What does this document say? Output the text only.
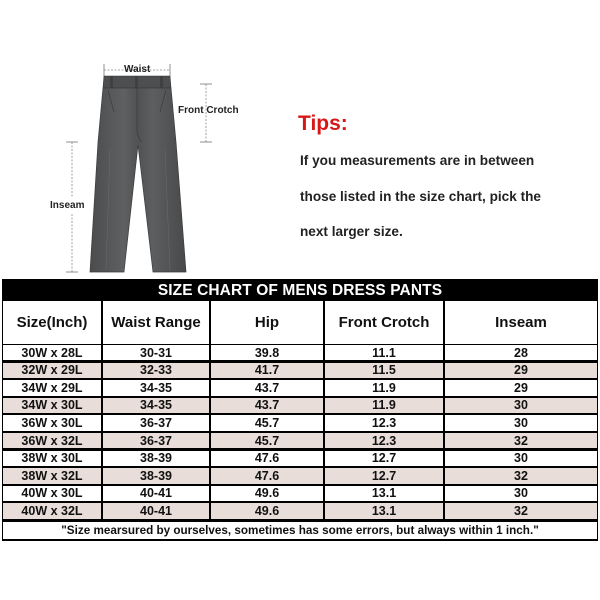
Waist
Front Crotch
Inseam
Tips:
If you measurements are in between
those listed in the size chart, pick the
next larger size.
SIZE CHART OF MENS DRESS PANTS
Size(Inch)	Waist Range	Hip	Front Crotch	Inseam
30W x 28L	30-31	39.8	11.1	28
32W x 29L	32-33	41.7	11.5	29
34W x 29L	34-35	43.7	11.9	29
34W x 30L	34-35	43.7	11.9	30
36W x 30L	36-37	45.7	12.3	30
36W x 32L	36-37	45.7	12.3	32
38W x 30L	38-39	47.6	12.7	30
38W x 32L	38-39	47.6	12.7	32
40W x 30L	40-41	49.6	13.1	30
40W x 32L	40-41	49.6	13.1	32
"Size mearsured by ourselves, sometimes has some errors, but always within 1 inch."
